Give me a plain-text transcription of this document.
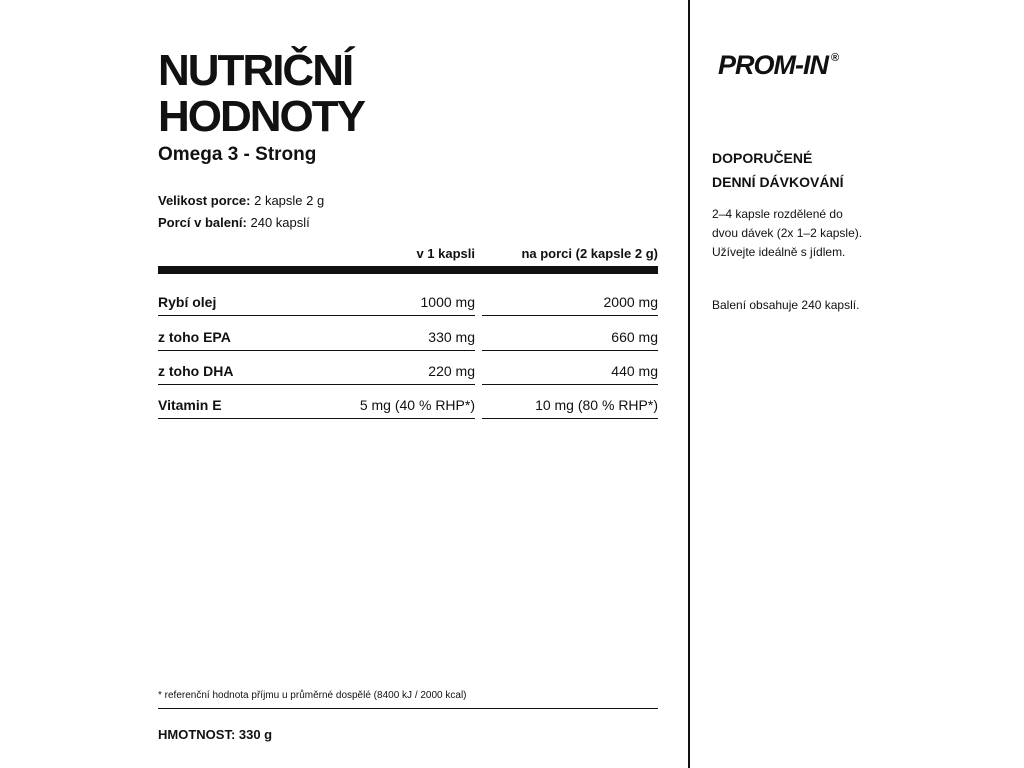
NUTRIČNÍ
HODNOTY
Omega 3 - Strong
Velikost porce: 2 kapsle 2 g
Porcí v balení: 240 kapslí
v 1 kapsli	na porci (2 kapsle 2 g)
Rybí olej	1000 mg	2000 mg
z toho EPA	330 mg	660 mg
z toho DHA	220 mg	440 mg
Vitamin E	5 mg (40 % RHP*)	10 mg (80 % RHP*)
* referenční hodnota příjmu u průměrné dospělé (8400 kJ / 2000 kcal)
HMOTNOST: 330 g
PROM-IN ®
DOPORUČENÉ
DENNÍ DÁVKOVÁNÍ
2–4 kapsle rozdělené do dvou dávek (2x 1–2 kapsle). Užívejte ideálně s jídlem.
Balení obsahuje 240 kapslí.
